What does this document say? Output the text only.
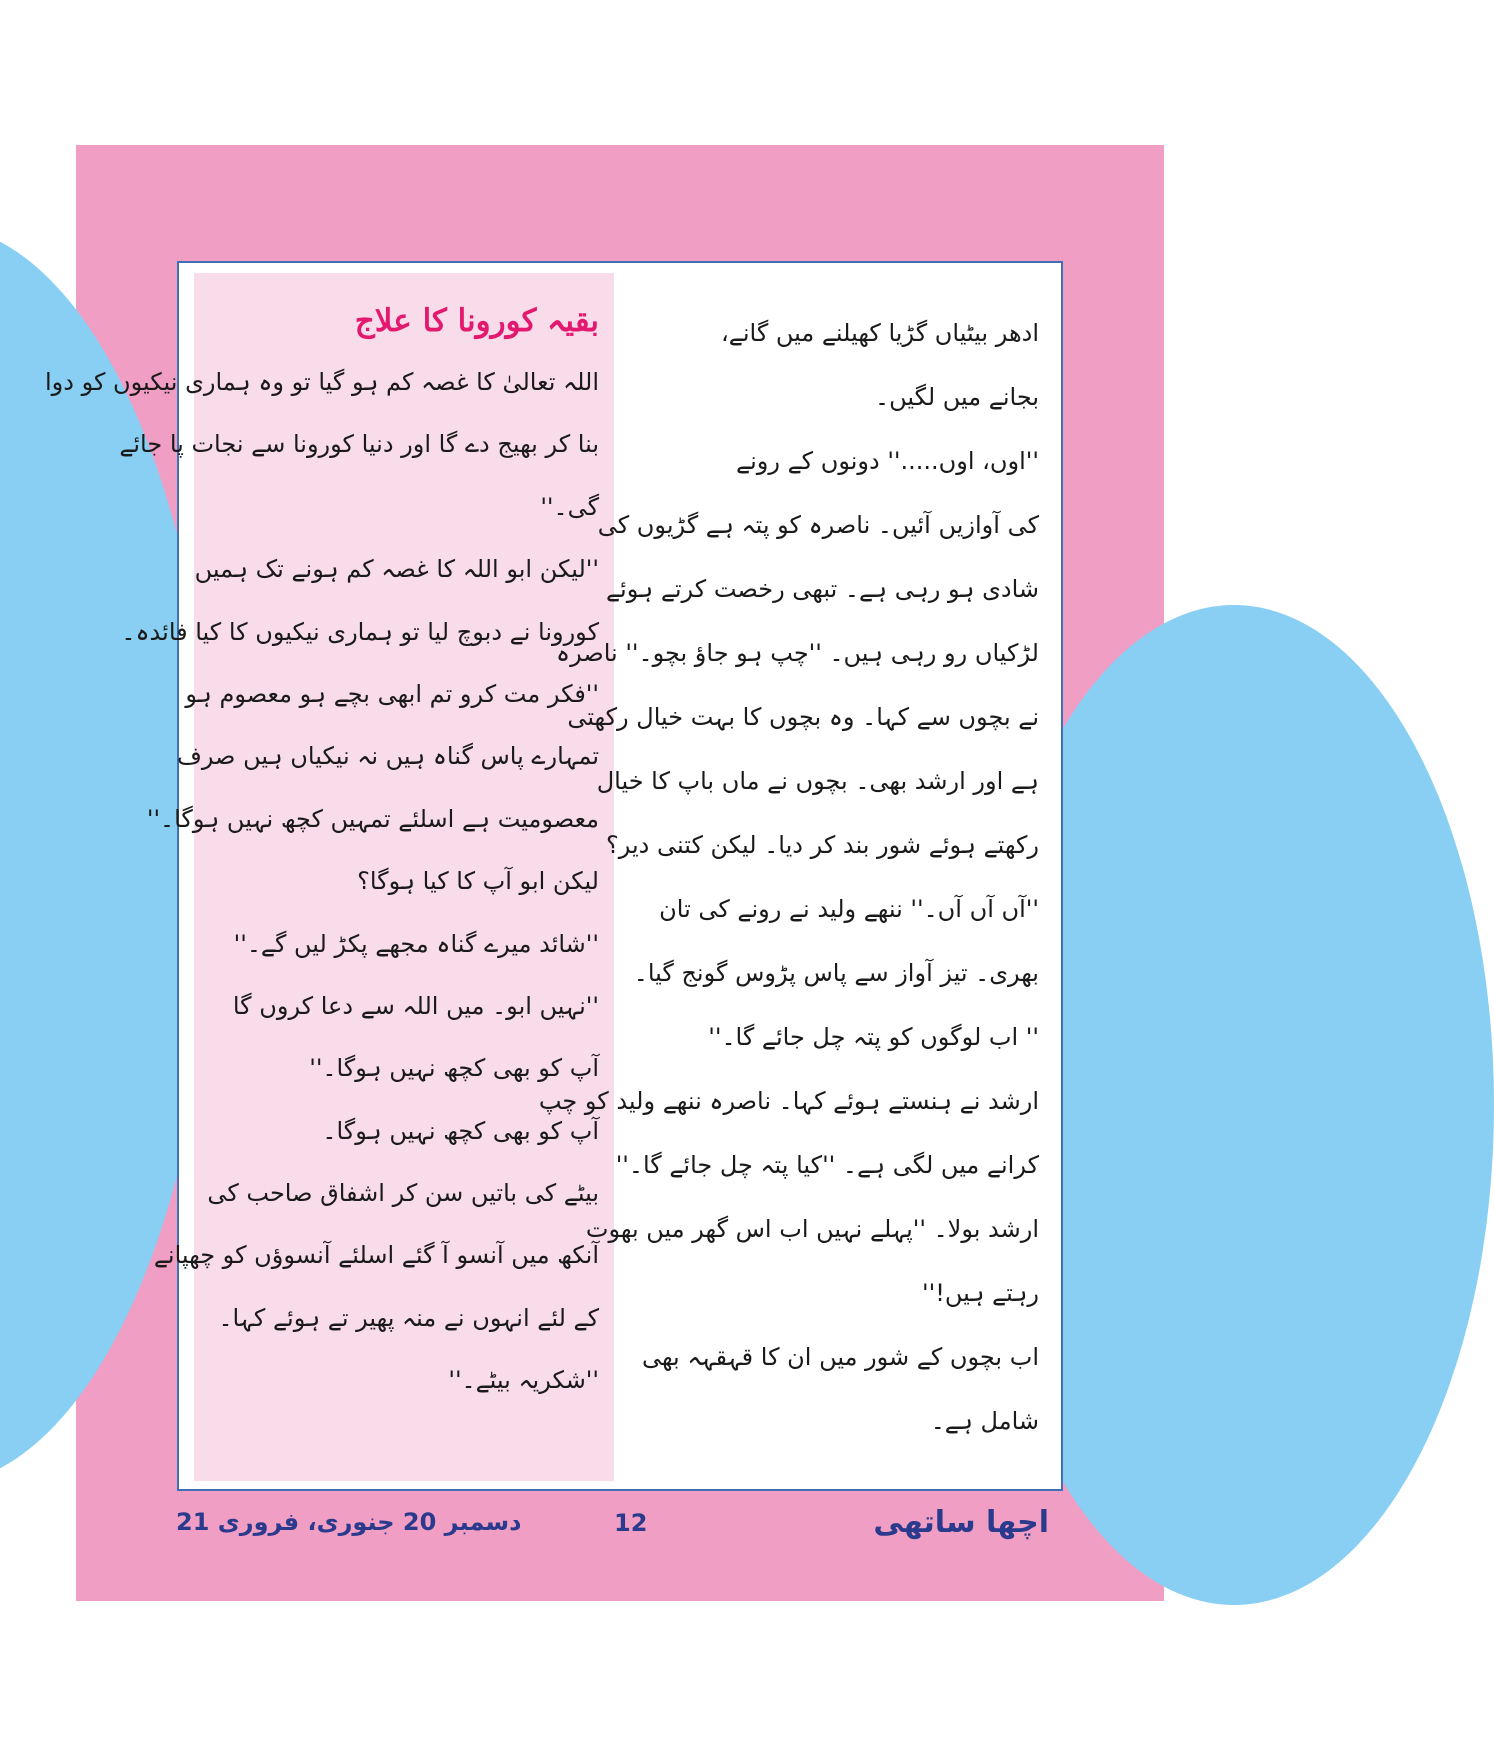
ادھر بیٹیاں گڑیا کھیلنے میں گانے،

بجانے میں لگیں۔

''اوں، اوں.....'' دونوں کے رونے

کی آوازیں آئیں۔ ناصرہ کو پتہ ہے گڑیوں کی

شادی ہو رہی ہے۔ تبھی رخصت کرتے ہوئے

لڑکیاں رو رہی ہیں۔ ''چپ ہو جاؤ بچو۔'' ناصرہ

نے بچوں سے کہا۔ وہ بچوں کا بہت خیال رکھتی

ہے اور ارشد بھی۔ بچوں نے ماں باپ کا خیال

رکھتے ہوئے شور بند کر دیا۔ لیکن کتنی دیر؟

''آں آں آں۔'' ننھے ولید نے رونے کی تان

بھری۔ تیز آواز سے پاس پڑوس گونج گیا۔

'' اب لوگوں کو پتہ چل جائے گا۔''

ارشد نے ہنستے ہوئے کہا۔ ناصرہ ننھے ولید کو چپ

کرانے میں لگی ہے۔ ''کیا پتہ چل جائے گا۔''

ارشد بولا۔ ''پہلے نہیں اب اس گھر میں بھوت

رہتے ہیں!''

اب بچوں کے شور میں ان کا قہقہہ بھی

شامل ہے۔

بقیہ کورونا کا علاج

اللہ تعالیٰ کا غصہ کم ہو گیا تو وہ ہماری نیکیوں کو دوا

بنا کر بھیج دے گا اور دنیا کورونا سے نجات پا جائے

گی۔''

''لیکن ابو اللہ کا غصہ کم ہونے تک ہمیں

کورونا نے دبوچ لیا تو ہماری نیکیوں کا کیا فائدہ۔

''فکر مت کرو تم ابھی بچے ہو معصوم ہو

تمہارے پاس گناہ ہیں نہ نیکیاں ہیں صرف

معصومیت ہے اسلئے تمہیں کچھ نہیں ہوگا۔''

لیکن ابو آپ کا کیا ہوگا؟

''شائد میرے گناہ مجھے پکڑ لیں گے۔''

''نہیں ابو۔ میں اللہ سے دعا کروں گا

آپ کو بھی کچھ نہیں ہوگا۔''

آپ کو بھی کچھ نہیں ہوگا۔

بیٹے کی باتیں سن کر اشفاق صاحب کی

آنکھ میں آنسو آ گئے اسلئے آنسوؤں کو چھپانے

کے لئے انہوں نے منہ پھیر تے ہوئے کہا۔

''شکریہ بیٹے۔''

اچھا ساتھی
12
دسمبر 20 جنوری، فروری 21
